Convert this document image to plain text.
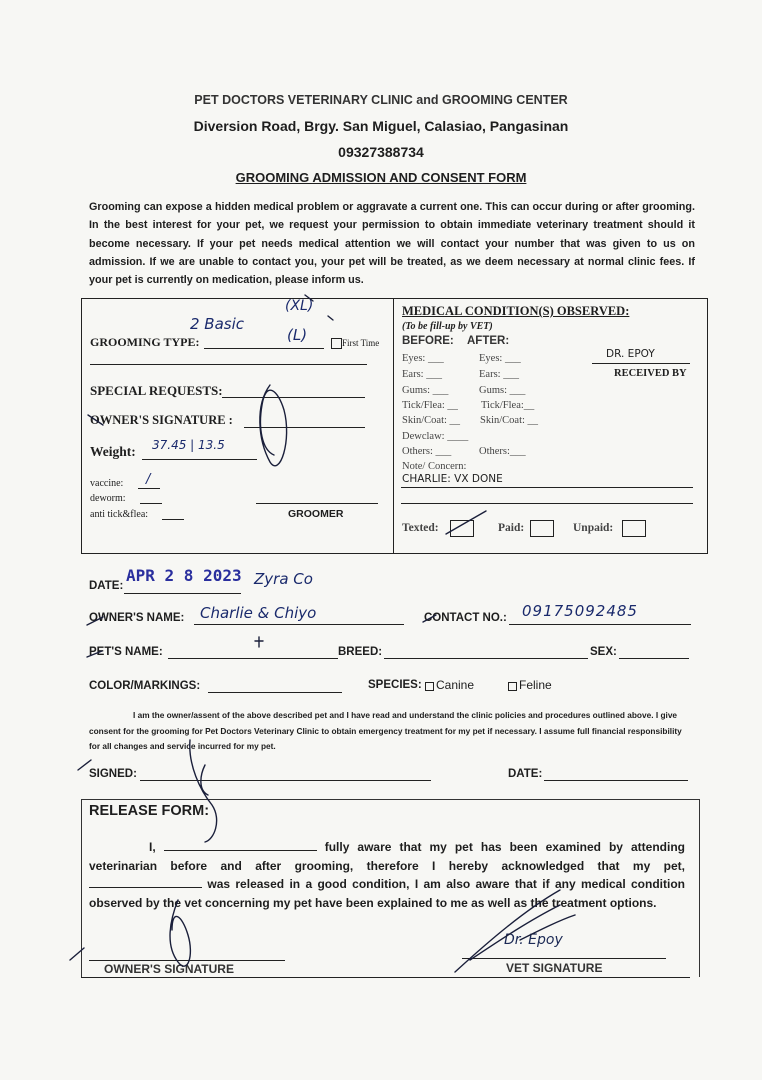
PET DOCTORS VETERINARY CLINIC and GROOMING CENTER
Diversion Road, Brgy. San Miguel, Calasiao, Pangasinan
09327388734
GROOMING ADMISSION AND CONSENT FORM
Grooming can expose a hidden medical problem or aggravate a current one. This can occur during or after grooming. In the best interest for your pet, we request your permission to obtain immediate veterinary treatment should it become necessary. If your pet needs medical attention we will contact your number that was given to us on admission. If we are unable to contact you, your pet will be treated, as we deem necessary at normal clinic fees. If your pet is currently on medication, please inform us.
GROOMING TYPE:
2 Basic
(XL)
(L)	First Time
SPECIAL REQUESTS:
OWNER'S SIGNATURE :
Weight: 37.45 | 13.5
vaccine: /
deworm:
anti tick&flea:	GROOMER
MEDICAL CONDITION(S) OBSERVED:
(To be fill-up by VET)
BEFORE: AFTER:
Eyes: ___	Eyes: ___
Ears: ___	Ears: ___
Gums: ___	Gums: ___
Tick/Flea: __ Tick/Flea:__
Skin/Coat: __ Skin/Coat: __
Dewclaw: ____
Others: ___	Others:___
Note/ Concern:
CHARLIE: VX DONE
DR. EPOY
RECEIVED BY
Texted:	Paid:	Unpaid:
DATE:
APR 2 8 2023 Zyra Co
OWNER'S NAME: Charlie & Chiyo	CONTACT NO.: 09175092485
PET'S NAME:	BREED:	SEX:
COLOR/MARKINGS:	SPECIES: Canine	Feline
I am the owner/assent of the above described pet and I have read and understand the clinic policies and procedures outlined above. I give consent for the grooming for Pet Doctors Veterinary Clinic to obtain emergency treatment for my pet if necessary. I assume full financial responsibility for all changes and service incurred for my pet.
SIGNED:	DATE:
RELEASE FORM:
I,	fully aware that my pet has been examined by attending veterinarian before and after grooming, therefore I hereby acknowledged that my pet,  was released in a good condition, I am also aware that if any medical condition observed by the vet concerning my pet have been explained to me as well as the treatment options.
OWNER'S SIGNATURE	VET SIGNATURE
Dr. Epoy
